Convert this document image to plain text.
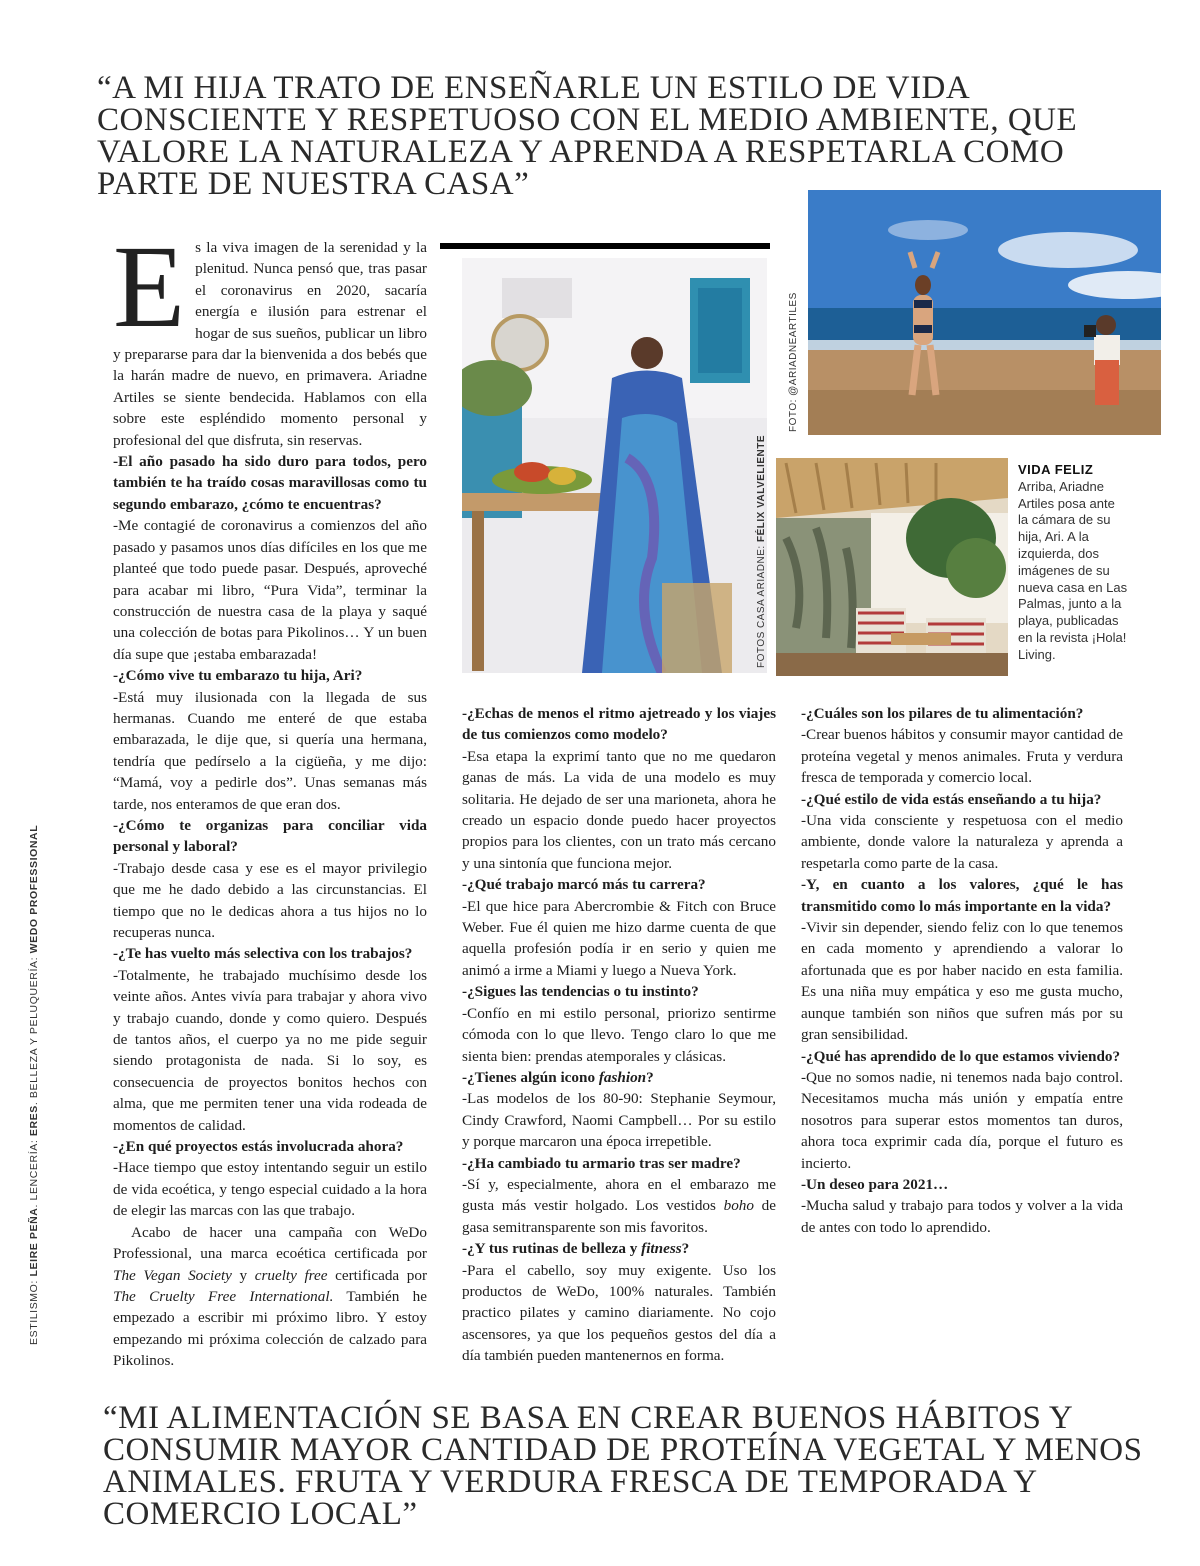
“A MI HIJA TRATO DE ENSEÑARLE UN ESTILO DE VIDA CONSCIENTE Y RESPETUOSO CON EL MEDIO AMBIENTE, QUE VALORE LA NATURALEZA Y APRENDA A RESPETARLA COMO PARTE DE NUESTRA CASA”
FOTOS CASA ARIADNE: FÉLIX VALVELIENTE
FOTO: @ARIADNEARTILES
VIDA FELIZ
Arriba, Ariadne Artiles posa ante la cámara de su hija, Ari. A la izquierda, dos imágenes de su nueva casa en Las Palmas, junto a la playa, publicadas en la revista ¡Hola! Living.

Es la viva imagen de la serenidad y la plenitud. Nunca pensó que, tras pasar el coronavirus en 2020, sacaría energía e ilusión para estrenar el hogar de sus sueños, publicar un libro y prepararse para dar la bienvenida a dos bebés que la harán madre de nuevo, en primavera. Ariadne Artiles se siente bendecida. Hablamos con ella sobre este espléndido momento personal y profesional del que disfruta, sin reservas.

-El año pasado ha sido duro para todos, pero también te ha traído cosas maravillosas como tu segundo embarazo, ¿cómo te encuentras?

-Me contagié de coronavirus a comienzos del año pasado y pasamos unos días difíciles en los que me planteé que todo puede pasar. Después, aproveché para acabar mi libro, “Pura Vida”, terminar la construcción de nuestra casa de la playa y saqué una colección de botas para Pikolinos… Y un buen día supe que ¡estaba embarazada!

-¿Cómo vive tu embarazo tu hija, Ari?

-Está muy ilusionada con la llegada de sus hermanas. Cuando me enteré de que estaba embarazada, le dije que, si quería una hermana, tendría que pedírselo a la cigüeña, y me dijo: “Mamá, voy a pedirle dos”. Unas semanas más tarde, nos enteramos de que eran dos.

-¿Cómo te organizas para conciliar vida personal y laboral?

-Trabajo desde casa y ese es el mayor privilegio que me he dado debido a las circunstancias. El tiempo que no le dedicas ahora a tus hijos no lo recuperas nunca.

-¿Te has vuelto más selectiva con los trabajos?

-Totalmente, he trabajado muchísimo desde los veinte años. Antes vivía para trabajar y ahora vivo y trabajo cuando, donde y como quiero. Después de tantos años, el cuerpo ya no me pide seguir siendo protagonista de nada. Si lo soy, es consecuencia de proyectos bonitos hechos con alma, que me permiten tener una vida rodeada de momentos de calidad.

-¿En qué proyectos estás involucrada ahora?

-Hace tiempo que estoy intentando seguir un estilo de vida ecoética, y tengo especial cuidado a la hora de elegir las marcas con las que trabajo.

Acabo de hacer una campaña con WeDo Professional, una marca ecoética certificada por The Vegan Society y cruelty free certificada por The Cruelty Free International. También he empezado a escribir mi próximo libro. Y estoy empezando mi próxima colección de calzado para Pikolinos.

-¿Echas de menos el ritmo ajetreado y los viajes de tus comienzos como modelo?

-Esa etapa la exprimí tanto que no me quedaron ganas de más. La vida de una modelo es muy solitaria. He dejado de ser una marioneta, ahora he creado un espacio donde puedo hacer proyectos propios para los clientes, con un trato más cercano y una sintonía que funciona mejor.

-¿Qué trabajo marcó más tu carrera?

-El que hice para Abercrombie & Fitch con Bruce Weber. Fue él quien me hizo darme cuenta de que aquella profesión podía ir en serio y quien me animó a irme a Miami y luego a Nueva York.

-¿Sigues las tendencias o tu instinto?

-Confío en mi estilo personal, priorizo sentirme cómoda con lo que llevo. Tengo claro lo que me sienta bien: prendas atemporales y clásicas.

-¿Tienes algún icono fashion?

-Las modelos de los 80-90: Stephanie Seymour, Cindy Crawford, Naomi Campbell… Por su estilo y porque marcaron una época irrepetible.

-¿Ha cambiado tu armario tras ser madre?

-Sí y, especialmente, ahora en el embarazo me gusta más vestir holgado. Los vestidos boho de gasa semitransparente son mis favoritos.

-¿Y tus rutinas de belleza y fitness?

-Para el cabello, soy muy exigente. Uso los productos de WeDo, 100% naturales. También practico pilates y camino diariamente. No cojo ascensores, ya que los pequeños gestos del día a día también pueden mantenernos en forma.

-¿Cuáles son los pilares de tu alimentación?

-Crear buenos hábitos y consumir mayor cantidad de proteína vegetal y menos animales. Fruta y verdura fresca de temporada y comercio local.

-¿Qué estilo de vida estás enseñando a tu hija?

-Una vida consciente y respetuosa con el medio ambiente, donde valore la naturaleza y aprenda a respetarla como parte de la casa.

-Y, en cuanto a los valores, ¿qué le has transmitido como lo más importante en la vida?

-Vivir sin depender, siendo feliz con lo que tenemos en cada momento y aprendiendo a valorar lo afortunada que es por haber nacido en esta familia. Es una niña muy empática y eso me gusta mucho, aunque también son niños que sufren más por su gran sensibilidad.

-¿Qué has aprendido de lo que estamos viviendo?

-Que no somos nadie, ni tenemos nada bajo control. Necesitamos mucha más unión y empatía entre nosotros para superar estos momentos tan duros, ahora toca exprimir cada día, porque el futuro es incierto.

-Un deseo para 2021…

-Mucha salud y trabajo para todos y volver a la vida de antes con todo lo aprendido.

ESTILISMO: LEIRE PEÑA. LENCERÍA: ERES. BELLEZA Y PELUQUERÍA: WEDO PROFESSIONAL
“MI ALIMENTACIÓN SE BASA EN CREAR BUENOS HÁBITOS Y CONSUMIR MAYOR CANTIDAD DE PROTEÍNA VEGETAL Y MENOS ANIMALES. FRUTA Y VERDURA FRESCA DE TEMPORADA Y COMERCIO LOCAL”
